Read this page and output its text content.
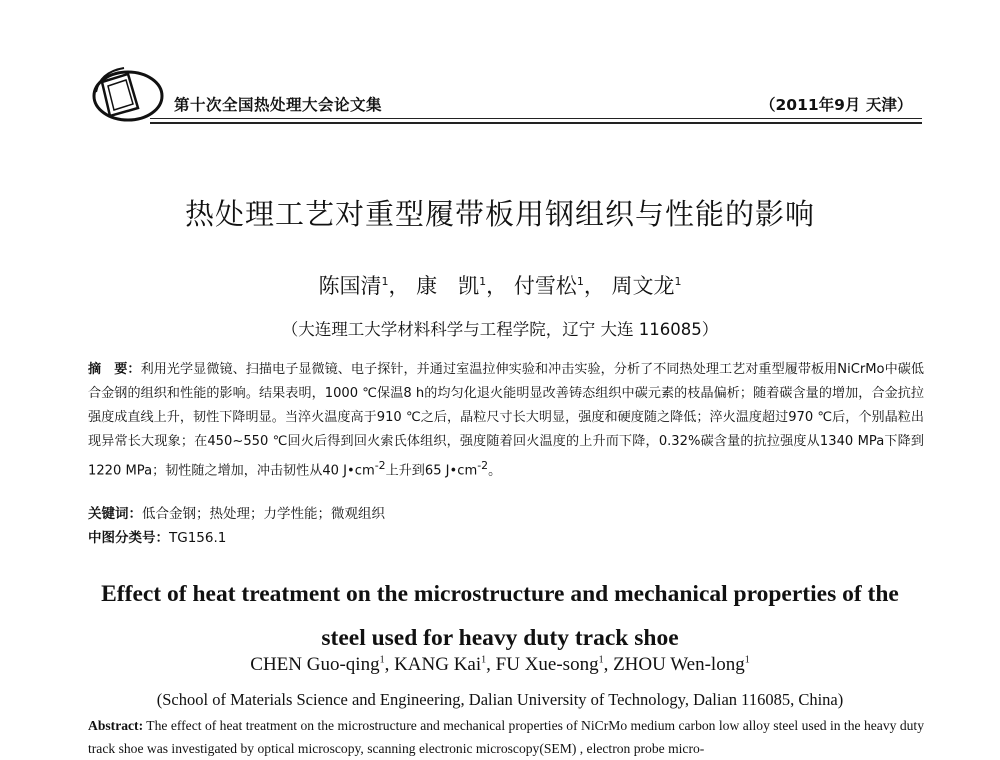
第十次全国热处理大会论文集	（2011年9月 天津）
热处理工艺对重型履带板用钢组织与性能的影响
陈国清$^1$， 康　凯$^1$， 付雪松$^1$， 周文龙$^1$
（大连理工大学材料科学与工程学院，辽宁 大连 116085）
摘　要：利用光学显微镜、扫描电子显微镜、电子探针，并通过室温拉伸实验和冲击实验，分析了不同热处理工艺对重型履带板用NiCrMo中碳低合金钢的组织和性能的影响。结果表明，1000 ℃保温8 h的均匀化退火能明显改善铸态组织中碳元素的枝晶偏析；随着碳含量的增加，合金抗拉强度成直线上升，韧性下降明显。当淬火温度高于910 ℃之后，晶粒尺寸长大明显，强度和硬度随之降低；淬火温度超过970 ℃后，个别晶粒出现异常长大现象；在450~550 ℃回火后得到回火索氏体组织，强度随着回火温度的上升而下降，0.32%碳含量的抗拉强度从1340 MPa下降到1220 MPa；韧性随之增加，冲击韧性从40 $J•cm^{-2}$上升到65 $J•cm^{-2}$。
关键词：低合金钢；热处理；力学性能；微观组织
中图分类号：TG156.1
Effect of heat treatment on the microstructure and mechanical properties of the
steel used for heavy duty track shoe
CHEN Guo-qing$^1$, KANG Kai$^1$, FU Xue-song$^1$, ZHOU Wen-long$^1$
(School of Materials Science and Engineering, Dalian University of Technology, Dalian 116085, China)
Abstract: The effect of heat treatment on the microstructure and mechanical properties of NiCrMo medium carbon low alloy steel used in the heavy duty track shoe was investigated by optical microscopy, scanning electronic microscopy(SEM) , electron probe micro-
